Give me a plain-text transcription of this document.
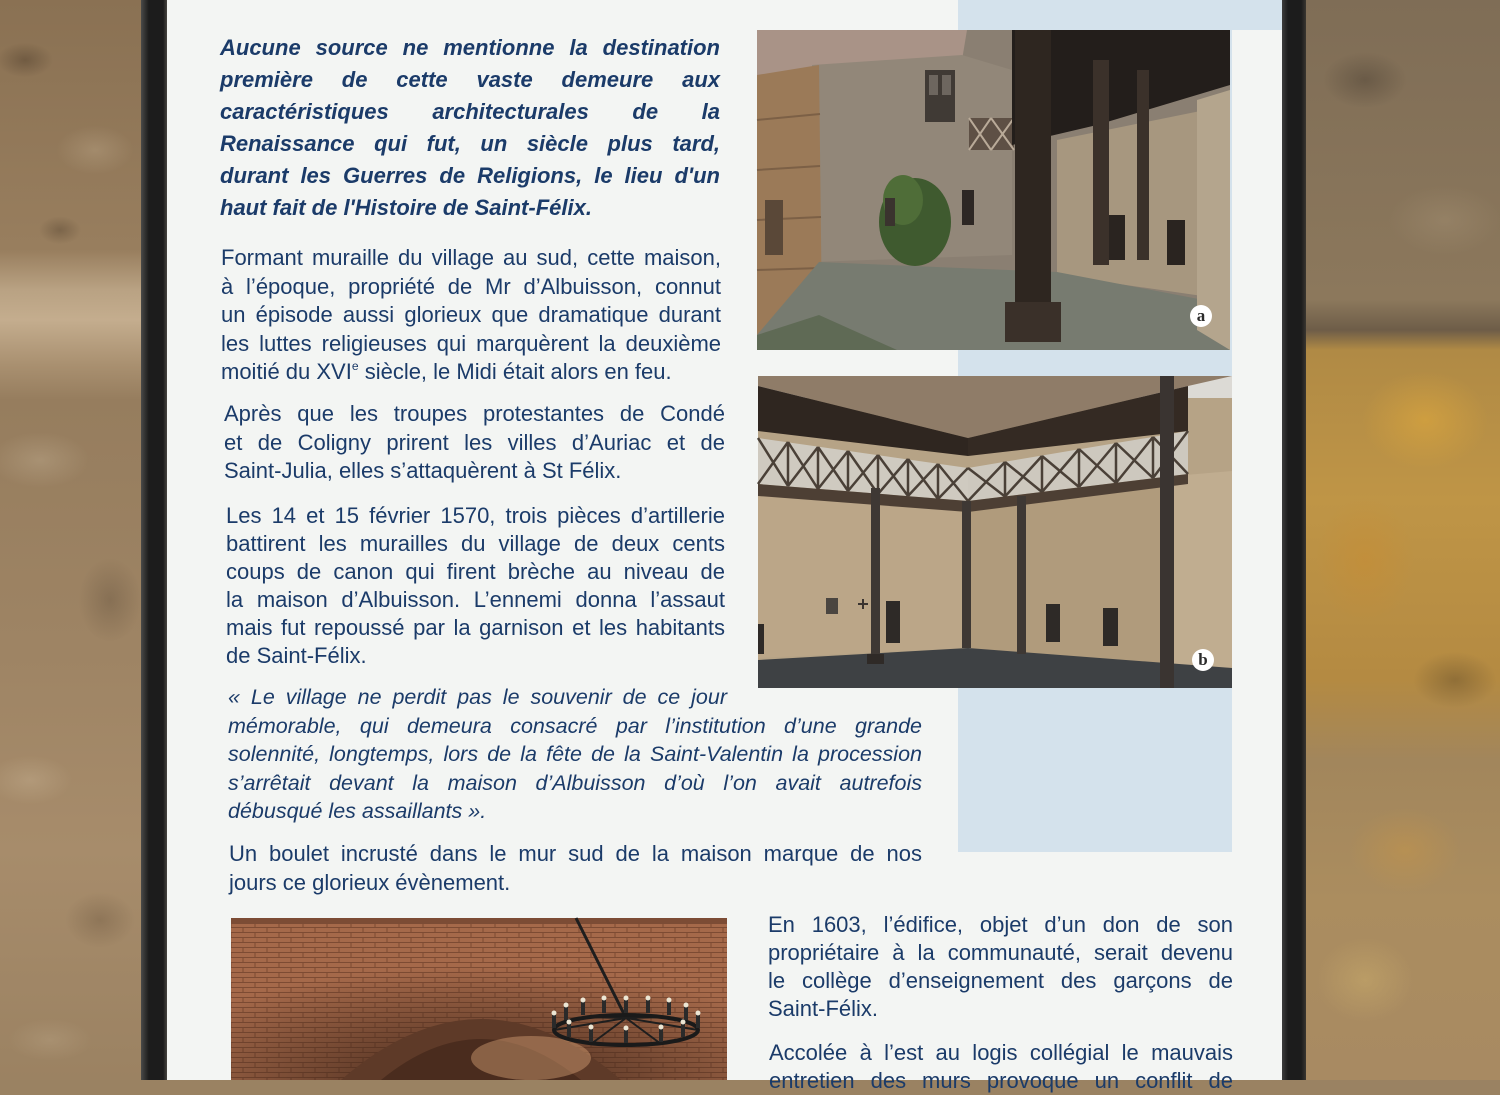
Aucune source ne mentionne la destination
première de cette vaste demeure aux
caractéristiques architecturales de la
Renaissance qui fut, un siècle plus tard,
durant les Guerres de Religions, le lieu d'un
haut fait de l'Histoire de Saint-Félix.
Formant muraille du village au sud, cette maison,
à l’époque, propriété de Mr d’Albuisson, connut
un épisode aussi glorieux que dramatique durant
les luttes religieuses qui marquèrent la deuxième
moitié du XVIe siècle, le Midi était alors en feu.
Après que les troupes protestantes de Condé
et de Coligny prirent les villes d’Auriac et de
Saint-Julia, elles s’attaquèrent à St Félix.
Les 14 et 15 février 1570, trois pièces d’artillerie
battirent les murailles du village de deux cents
coups de canon qui firent brèche au niveau de
la maison d’Albuisson. L’ennemi donna l’assaut
mais fut repoussé par la garnison et les habitants
de Saint-Félix.
« Le village ne perdit pas le souvenir de ce jour
mémorable, qui demeura consacré par l’institution d’une grande
solennité, longtemps, lors de la fête de la Saint-Valentin la procession
s’arrêtait devant la maison d’Albuisson d’où l’on avait autrefois
débusqué les assaillants ».
Un boulet incrusté dans le mur sud de la maison marque de nos
jours ce glorieux évènement.
En 1603, l’édifice, objet d’un don de son
propriétaire à la communauté, serait devenu
le collège d’enseignement des garçons de
Saint-Félix.
Accolée à l’est au logis collégial le mauvais
entretien des murs provoque un conflit de
a
b
